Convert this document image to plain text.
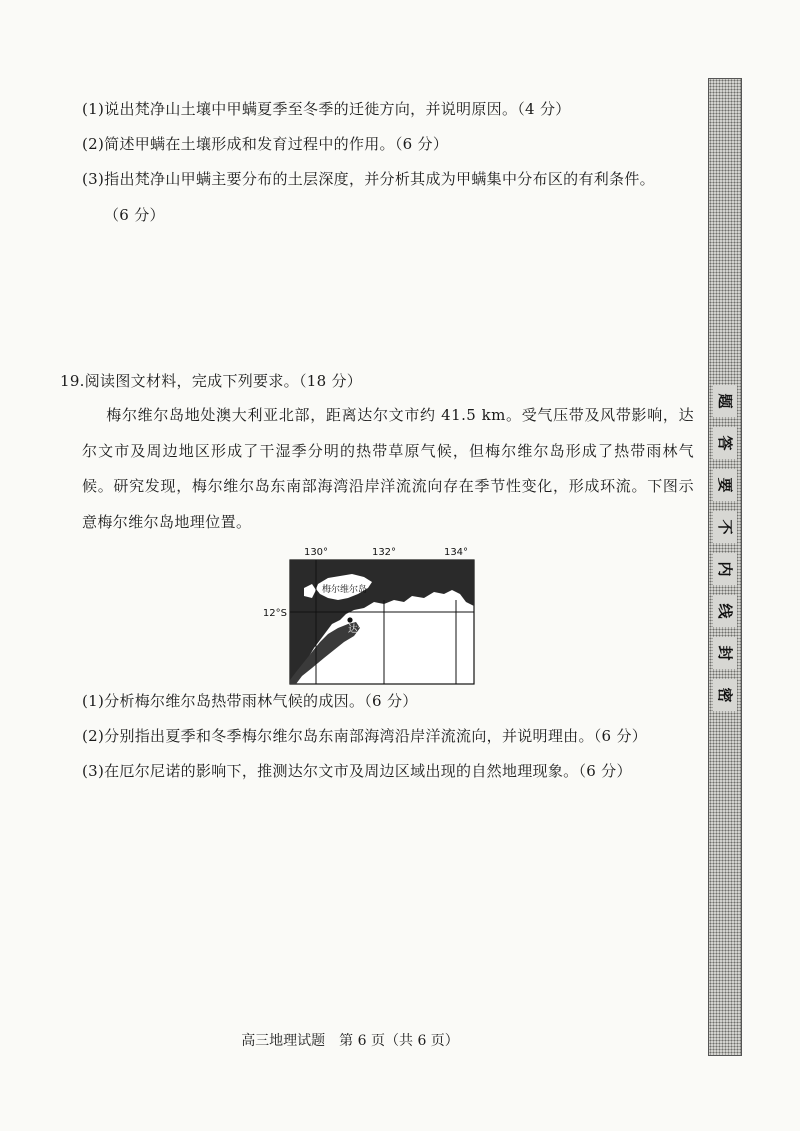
(1)说出梵净山土壤中甲螨夏季至冬季的迁徙方向，并说明原因。（4 分）
(2)简述甲螨在土壤形成和发育过程中的作用。（6 分）
(3)指出梵净山甲螨主要分布的土层深度，并分析其成为甲螨集中分布区的有利条件。
（6 分）
19.阅读图文材料，完成下列要求。（18 分）
梅尔维尔岛地处澳大利亚北部，距离达尔文市约 41.5 km。受气压带及风带影响，达尔文市及周边地区形成了干湿季分明的热带草原气候，但梅尔维尔岛形成了热带雨林气候。研究发现，梅尔维尔岛东南部海湾沿岸洋流流向存在季节性变化，形成环流。下图示意梅尔维尔岛地理位置。
130°	132°	134°
12°S
梅尔维尔岛
达尔文
(1)分析梅尔维尔岛热带雨林气候的成因。（6 分）
(2)分别指出夏季和冬季梅尔维尔岛东南部海湾沿岸洋流流向，并说明理由。（6 分）
(3)在厄尔尼诺的影响下，推测达尔文市及周边区域出现的自然地理现象。（6 分）
密
封
线
内
不
要
答
题
高三地理试题　第 6 页（共 6 页）
